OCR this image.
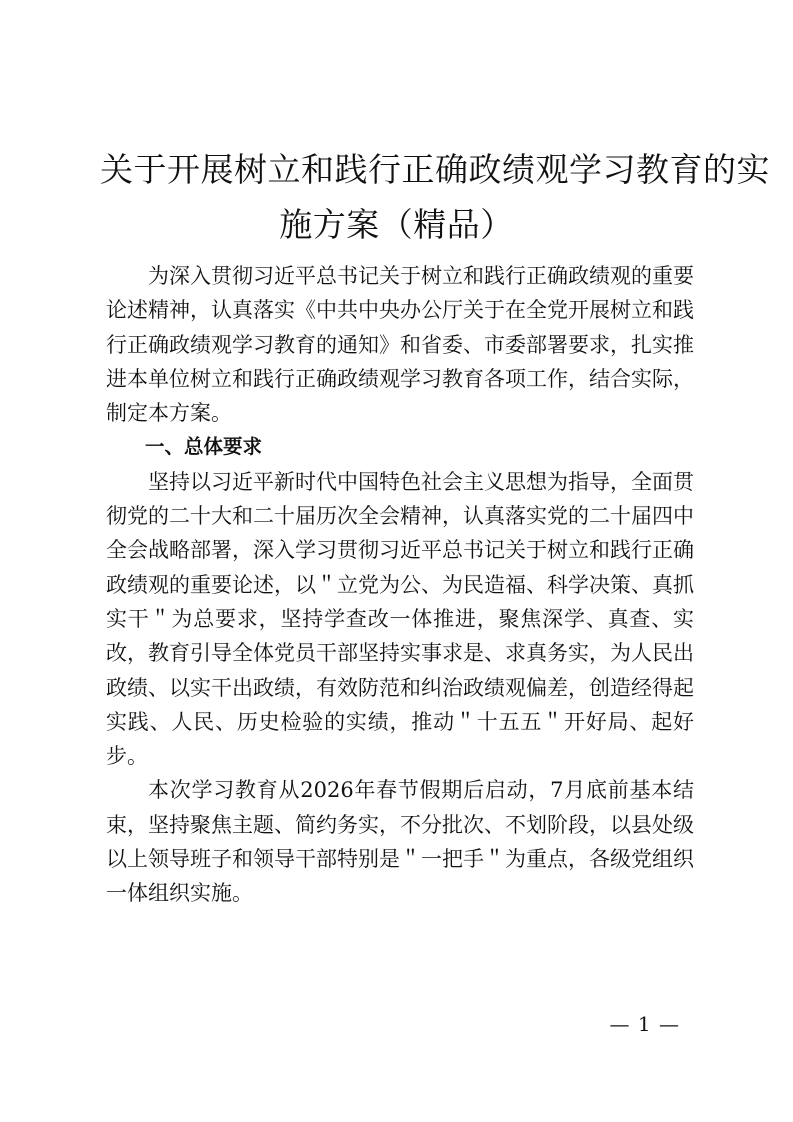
关于开展树立和践行正确政绩观学习教育的实
施方案（精品）

为深入贯彻习近平总书记关于树立和践行正确政绩观的重要论述精神，认真落实《中共中央办公厅关于在全党开展树立和践行正确政绩观学习教育的通知》和省委、市委部署要求，扎实推进本单位树立和践行正确政绩观学习教育各项工作，结合实际，制定本方案。

一、总体要求

坚持以习近平新时代中国特色社会主义思想为指导，全面贯彻党的二十大和二十届历次全会精神，认真落实党的二十届四中全会战略部署，深入学习贯彻习近平总书记关于树立和践行正确政绩观的重要论述，以＂立党为公、为民造福、科学决策、真抓实干＂为总要求，坚持学查改一体推进，聚焦深学、真查、实改，教育引导全体党员干部坚持实事求是、求真务实，为人民出政绩、以实干出政绩，有效防范和纠治政绩观偏差，创造经得起实践、人民、历史检验的实绩，推动＂十五五＂开好局、起好步。

本次学习教育从2026年春节假期后启动，7月底前基本结束，坚持聚焦主题、简约务实，不分批次、不划阶段，以县处级以上领导班子和领导干部特别是＂一把手＂为重点，各级党组织一体组织实施。

— 1 —
